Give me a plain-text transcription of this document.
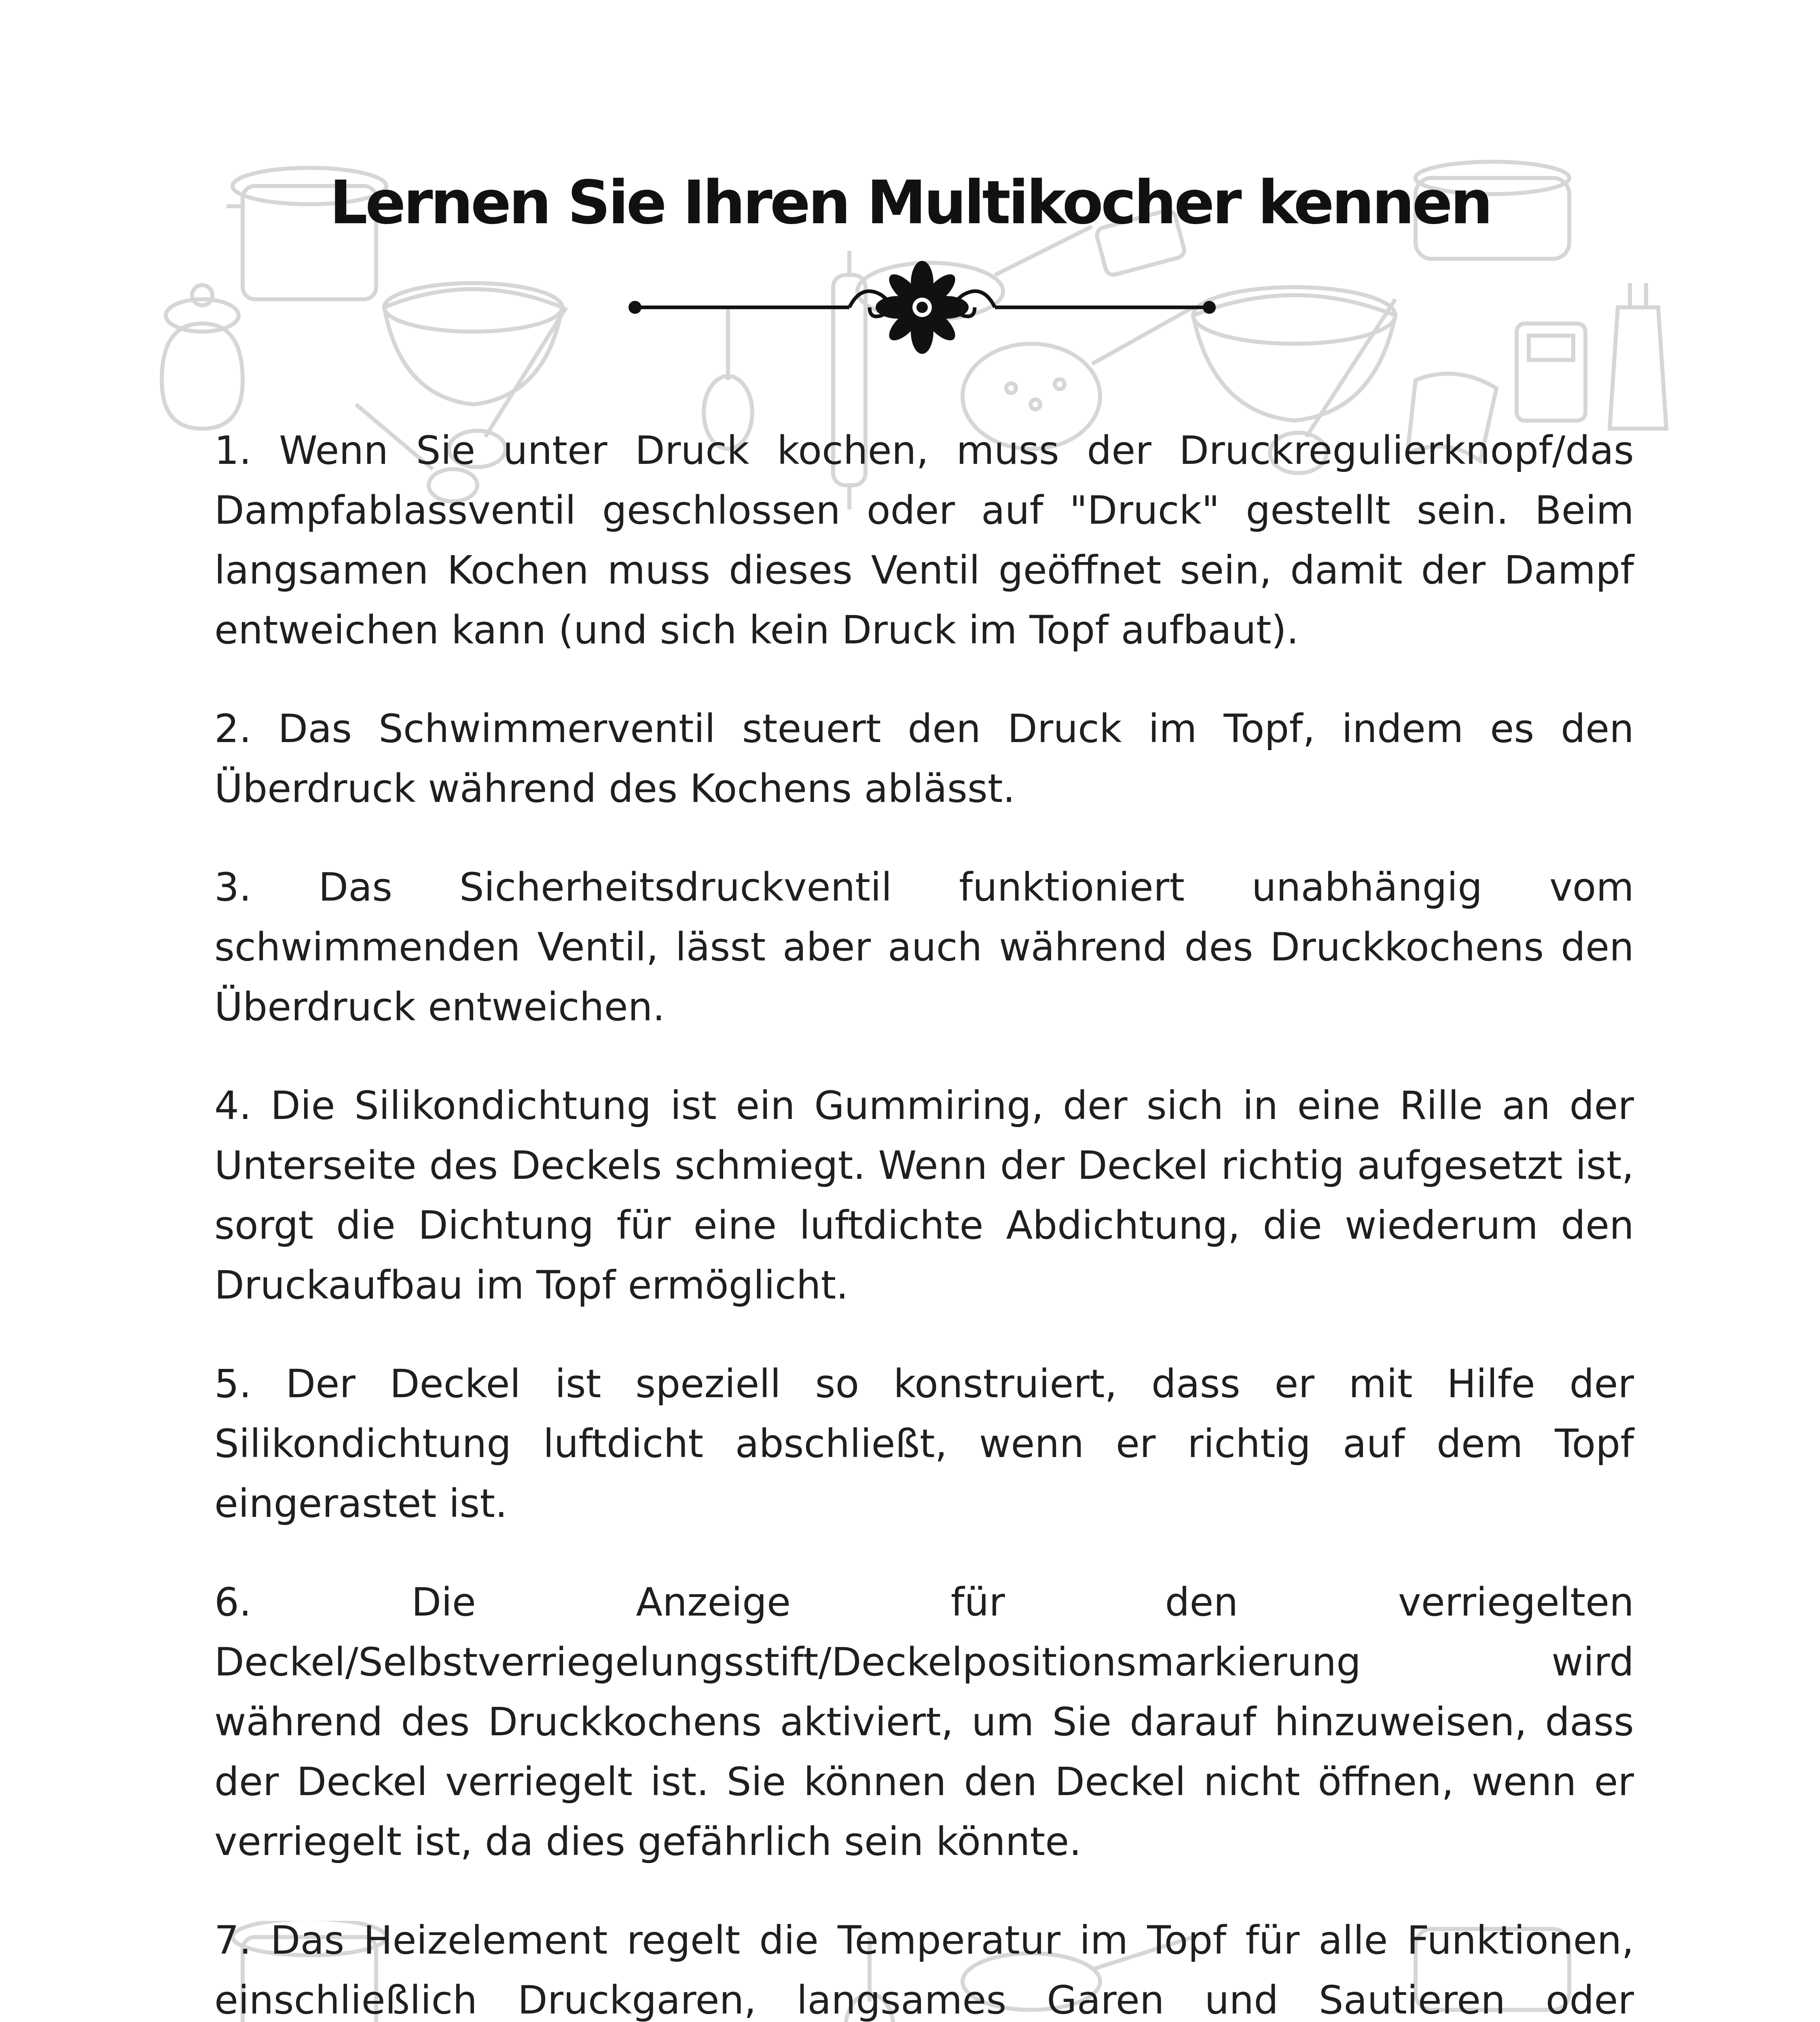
Lernen Sie Ihren Multikocher kennen

1. Wenn Sie unter Druck kochen, muss der Druckregulierknopf/das Dampfablassventil geschlossen oder auf "Druck" gestellt sein. Beim langsamen Kochen muss dieses Ventil geöffnet sein, damit der Dampf entweichen kann (und sich kein Druck im Topf aufbaut).

2. Das Schwimmerventil steuert den Druck im Topf, indem es den Überdruck während des Kochens ablässt.

3. Das Sicherheitsdruckventil funktioniert unabhängig vom schwimmenden Ventil, lässt aber auch während des Druckkochens den Überdruck entweichen.

4. Die Silikondichtung ist ein Gummiring, der sich in eine Rille an der Unterseite des Deckels schmiegt. Wenn der Deckel richtig aufgesetzt ist, sorgt die Dichtung für eine luftdichte Abdichtung, die wiederum den Druckaufbau im Topf ermöglicht.

5. Der Deckel ist speziell so konstruiert, dass er mit Hilfe der Silikondichtung luftdicht abschließt, wenn er richtig auf dem Topf eingerastet ist.

6. Die Anzeige für den verriegelten Deckel/Selbstverriegelungsstift/Deckelpositionsmarkierung wird während des Druckkochens aktiviert, um Sie darauf hinzuweisen, dass der Deckel verriegelt ist. Sie können den Deckel nicht öffnen, wenn er verriegelt ist, da dies gefährlich sein könnte.

7. Das Heizelement regelt die Temperatur im Topf für alle Funktionen, einschließlich Druckgaren, langsames Garen und Sautieren oder
